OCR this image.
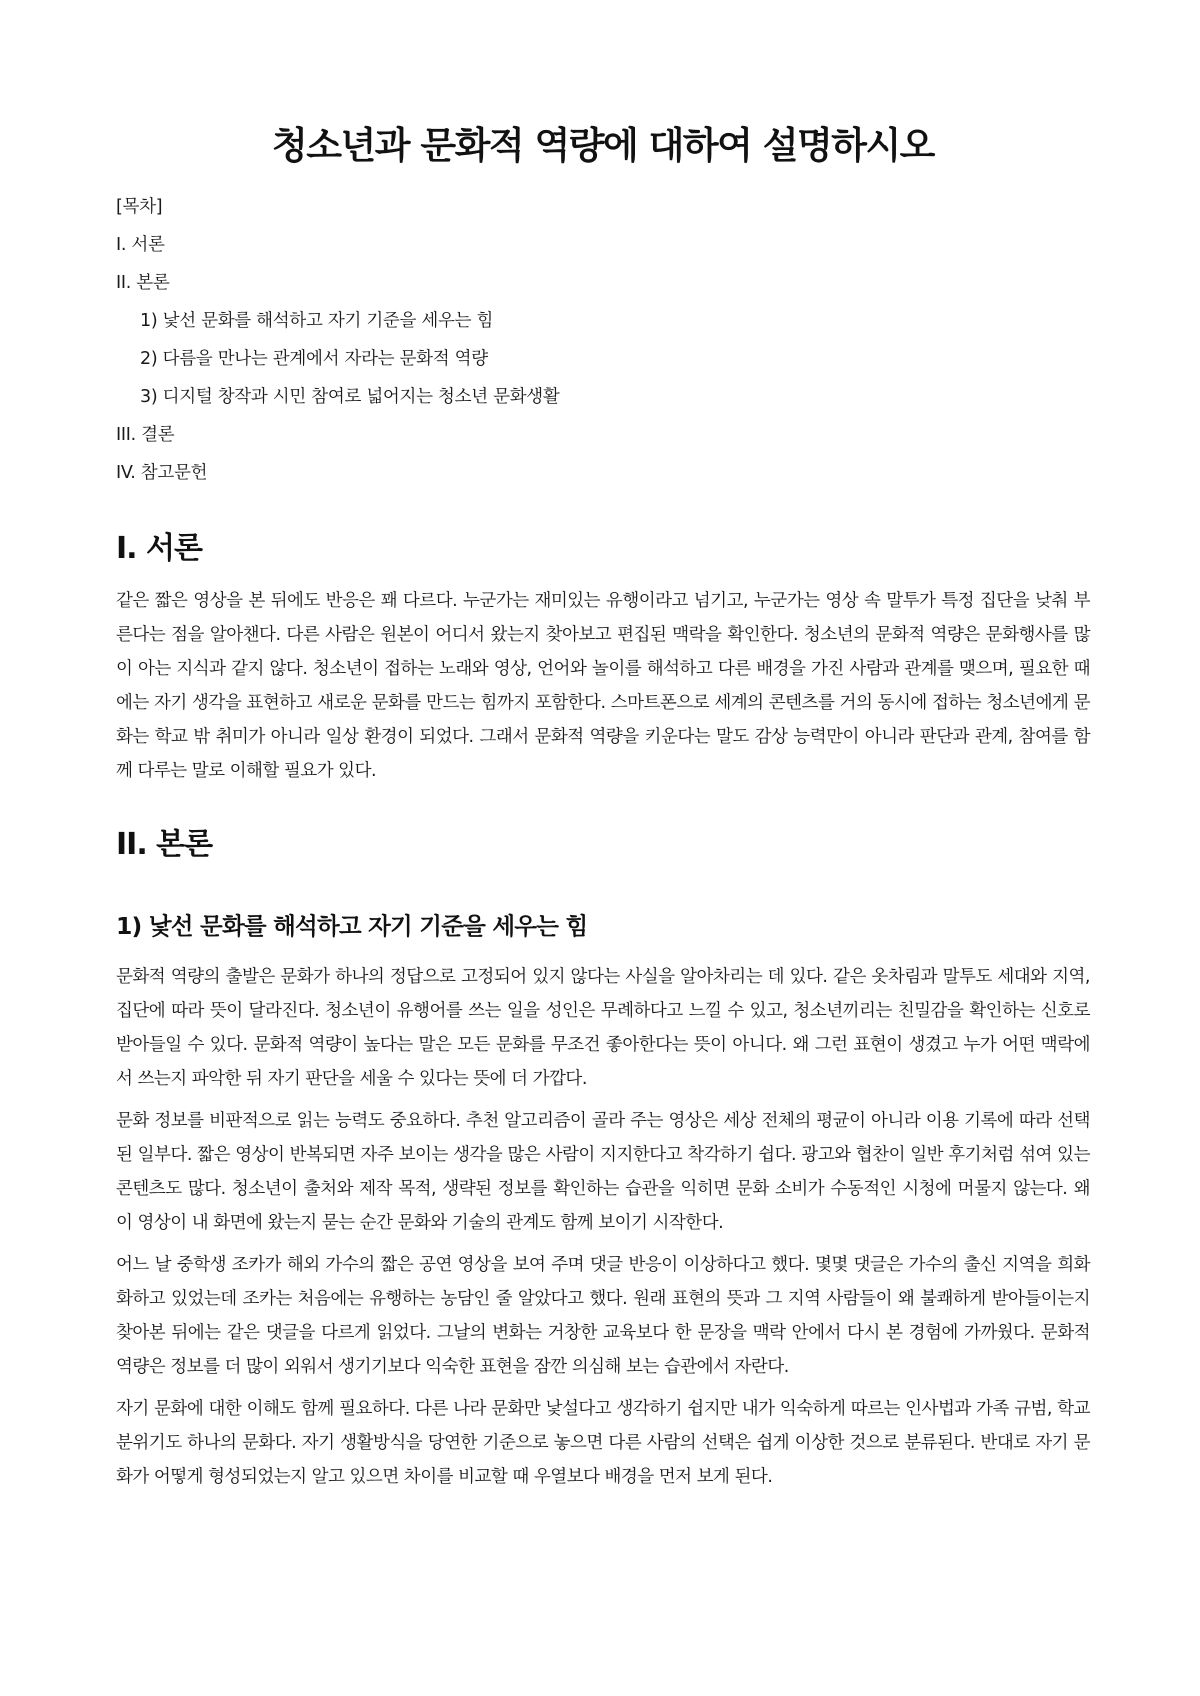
청소년과 문화적 역량에 대하여 설명하시오
[목차]
I. 서론
II. 본론
1) 낯선 문화를 해석하고 자기 기준을 세우는 힘
2) 다름을 만나는 관계에서 자라는 문화적 역량
3) 디지털 창작과 시민 참여로 넓어지는 청소년 문화생활
III. 결론
IV. 참고문헌
I. 서론

같은 짧은 영상을 본 뒤에도 반응은 꽤 다르다. 누군가는 재미있는 유행이라고 넘기고, 누군가는 영상 속 말투가 특정 집단을 낮춰 부른다는 점을 알아챈다. 다른 사람은 원본이 어디서 왔는지 찾아보고 편집된 맥락을 확인한다. 청소년의 문화적 역량은 문화행사를 많이 아는 지식과 같지 않다. 청소년이 접하는 노래와 영상, 언어와 놀이를 해석하고 다른 배경을 가진 사람과 관계를 맺으며, 필요한 때에는 자기 생각을 표현하고 새로운 문화를 만드는 힘까지 포함한다. 스마트폰으로 세계의 콘텐츠를 거의 동시에 접하는 청소년에게 문화는 학교 밖 취미가 아니라 일상 환경이 되었다. 그래서 문화적 역량을 키운다는 말도 감상 능력만이 아니라 판단과 관계, 참여를 함께 다루는 말로 이해할 필요가 있다.

II. 본론
1) 낯선 문화를 해석하고 자기 기준을 세우는 힘

문화적 역량의 출발은 문화가 하나의 정답으로 고정되어 있지 않다는 사실을 알아차리는 데 있다. 같은 옷차림과 말투도 세대와 지역, 집단에 따라 뜻이 달라진다. 청소년이 유행어를 쓰는 일을 성인은 무례하다고 느낄 수 있고, 청소년끼리는 친밀감을 확인하는 신호로 받아들일 수 있다. 문화적 역량이 높다는 말은 모든 문화를 무조건 좋아한다는 뜻이 아니다. 왜 그런 표현이 생겼고 누가 어떤 맥락에서 쓰는지 파악한 뒤 자기 판단을 세울 수 있다는 뜻에 더 가깝다.

문화 정보를 비판적으로 읽는 능력도 중요하다. 추천 알고리즘이 골라 주는 영상은 세상 전체의 평균이 아니라 이용 기록에 따라 선택된 일부다. 짧은 영상이 반복되면 자주 보이는 생각을 많은 사람이 지지한다고 착각하기 쉽다. 광고와 협찬이 일반 후기처럼 섞여 있는 콘텐츠도 많다. 청소년이 출처와 제작 목적, 생략된 정보를 확인하는 습관을 익히면 문화 소비가 수동적인 시청에 머물지 않는다. 왜 이 영상이 내 화면에 왔는지 묻는 순간 문화와 기술의 관계도 함께 보이기 시작한다.

어느 날 중학생 조카가 해외 가수의 짧은 공연 영상을 보여 주며 댓글 반응이 이상하다고 했다. 몇몇 댓글은 가수의 출신 지역을 희화화하고 있었는데 조카는 처음에는 유행하는 농담인 줄 알았다고 했다. 원래 표현의 뜻과 그 지역 사람들이 왜 불쾌하게 받아들이는지 찾아본 뒤에는 같은 댓글을 다르게 읽었다. 그날의 변화는 거창한 교육보다 한 문장을 맥락 안에서 다시 본 경험에 가까웠다. 문화적 역량은 정보를 더 많이 외워서 생기기보다 익숙한 표현을 잠깐 의심해 보는 습관에서 자란다.

자기 문화에 대한 이해도 함께 필요하다. 다른 나라 문화만 낯설다고 생각하기 쉽지만 내가 익숙하게 따르는 인사법과 가족 규범, 학교 분위기도 하나의 문화다. 자기 생활방식을 당연한 기준으로 놓으면 다른 사람의 선택은 쉽게 이상한 것으로 분류된다. 반대로 자기 문화가 어떻게 형성되었는지 알고 있으면 차이를 비교할 때 우열보다 배경을 먼저 보게 된다.
